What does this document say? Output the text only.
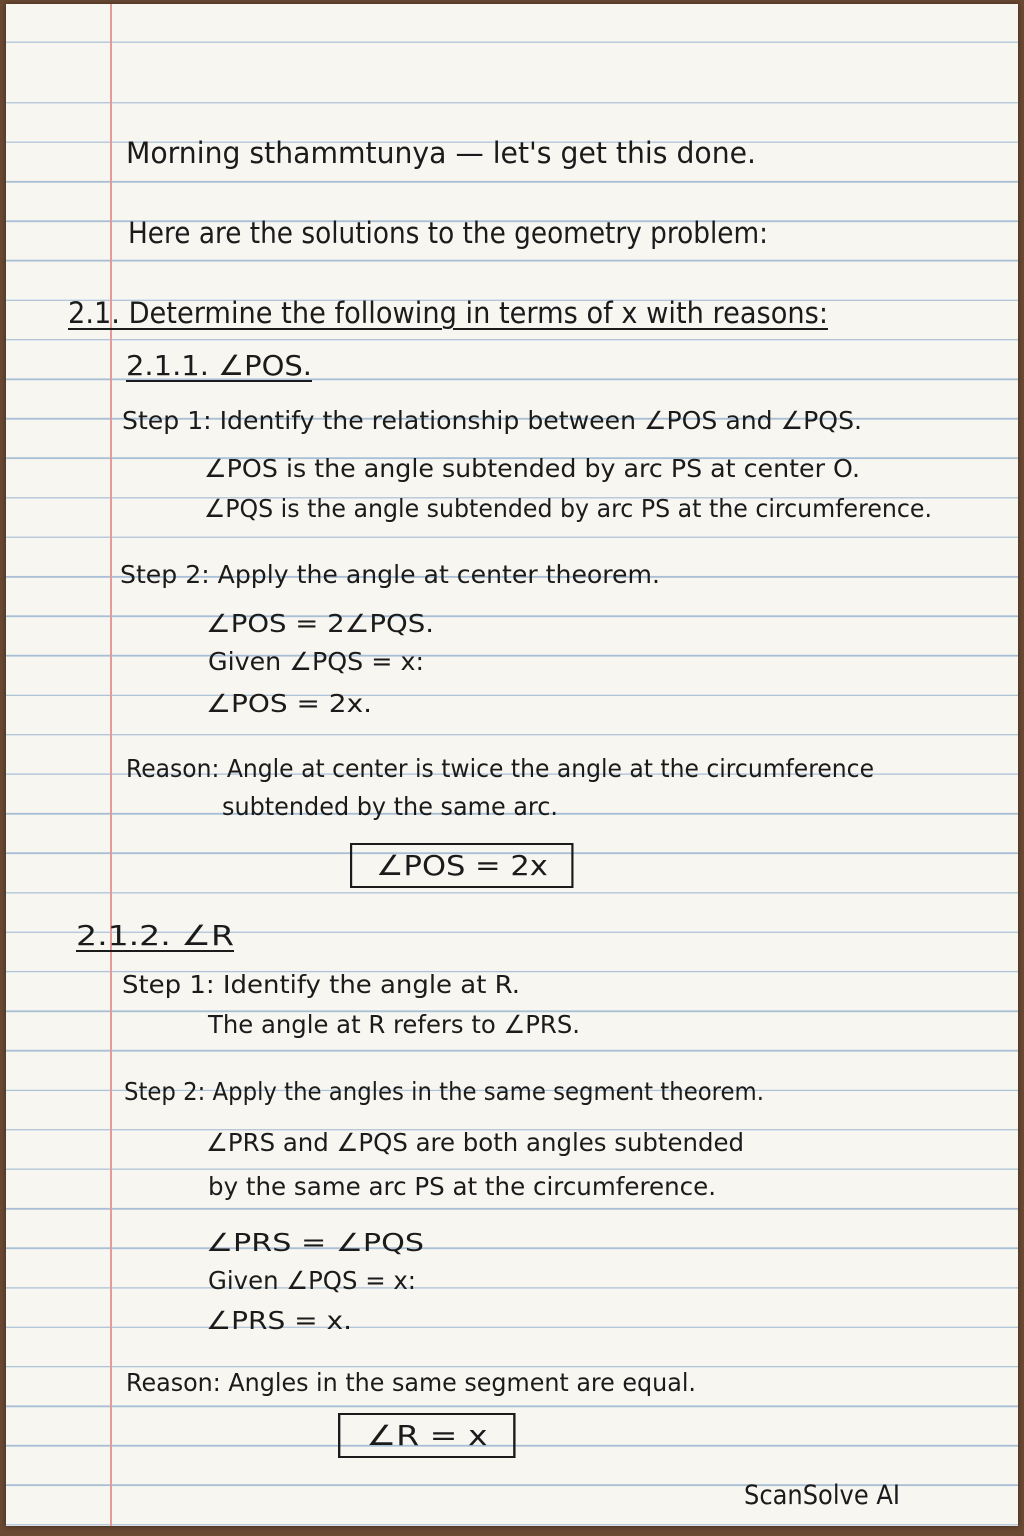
Morning sthammtunya — let's get this done.
Here are the solutions to the geometry problem:
2.1. Determine the following in terms of x with reasons:
2.1.1. ∠POS.
Step 1: Identify the relationship between ∠POS and ∠PQS.
∠POS is the angle subtended by arc PS at center O.
∠PQS is the angle subtended by arc PS at the circumference.
Step 2: Apply the angle at center theorem.
∠POS = 2∠PQS.
Given ∠PQS = x:
∠POS = 2x.
Reason: Angle at center is twice the angle at the circumference
subtended by the same arc.
∠POS = 2x
2.1.2. ∠R
Step 1: Identify the angle at R.
The angle at R refers to ∠PRS.
Step 2: Apply the angles in the same segment theorem.
∠PRS and ∠PQS are both angles subtended
by the same arc PS at the circumference.
∠PRS = ∠PQS
Given ∠PQS = x:
∠PRS = x.
Reason: Angles in the same segment are equal.
∠R = x
ScanSolve AI
